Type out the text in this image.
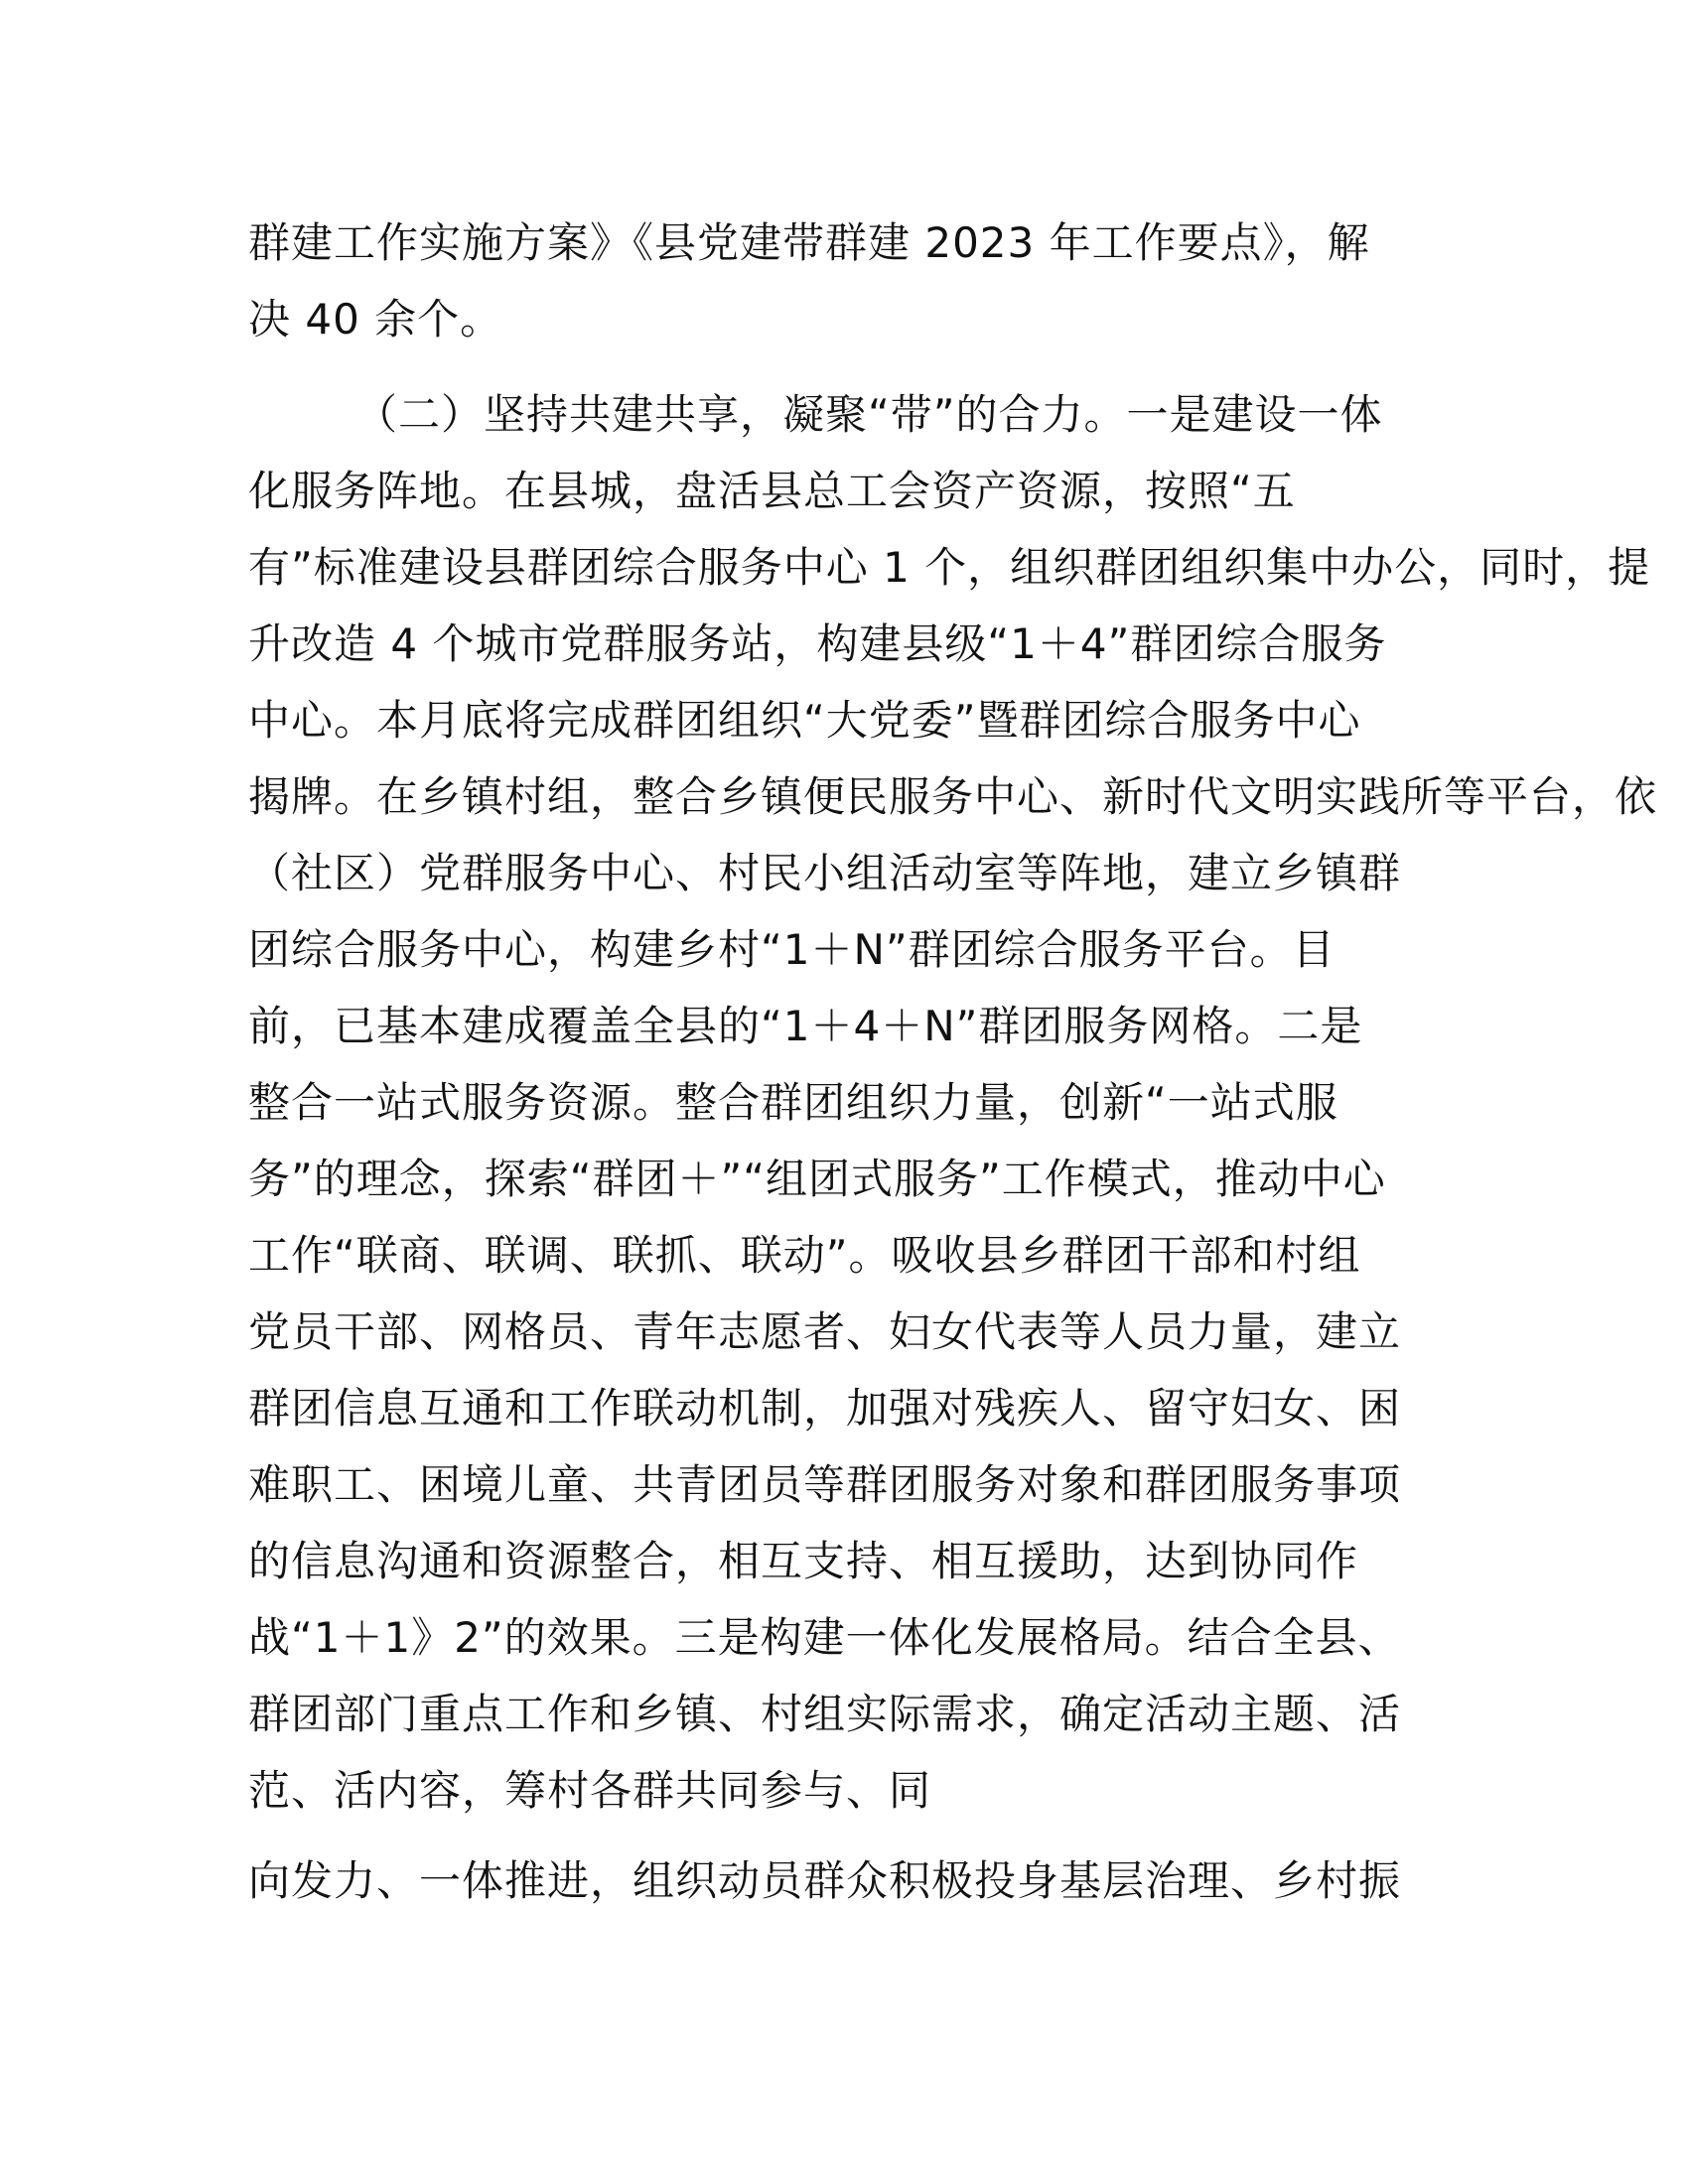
群建工作实施方案》《县党建带群建 2023 年工作要点》，解
决 40 余个。
（二）坚持共建共享，凝聚“带”的合力。一是建设一体
化服务阵地。在县城，盘活县总工会资产资源，按照“五
有”标准建设县群团综合服务中心 1 个，组织群团组织集中办公，同时，提
升改造 4 个城市党群服务站，构建县级“1＋4”群团综合服务
中心。本月底将完成群团组织“大党委”暨群团综合服务中心
揭牌。在乡镇村组，整合乡镇便民服务中心、新时代文明实践所等平台，依
（社区）党群服务中心、村民小组活动室等阵地，建立乡镇群
团综合服务中心，构建乡村“1＋N”群团综合服务平台。目
前，已基本建成覆盖全县的“1＋4＋N”群团服务网格。二是
整合一站式服务资源。整合群团组织力量，创新“一站式服
务”的理念，探索“群团＋”“组团式服务”工作模式，推动中心
工作“联商、联调、联抓、联动”。吸收县乡群团干部和村组
党员干部、网格员、青年志愿者、妇女代表等人员力量，建立
群团信息互通和工作联动机制，加强对残疾人、留守妇女、困
难职工、困境儿童、共青团员等群团服务对象和群团服务事项
的信息沟通和资源整合，相互支持、相互援助，达到协同作
战“1＋1》2”的效果。三是构建一体化发展格局。结合全县、
群团部门重点工作和乡镇、村组实际需求，确定活动主题、活
范、活内容，筹村各群共同参与、同
向发力、一体推进，组织动员群众积极投身基层治理、乡村振
